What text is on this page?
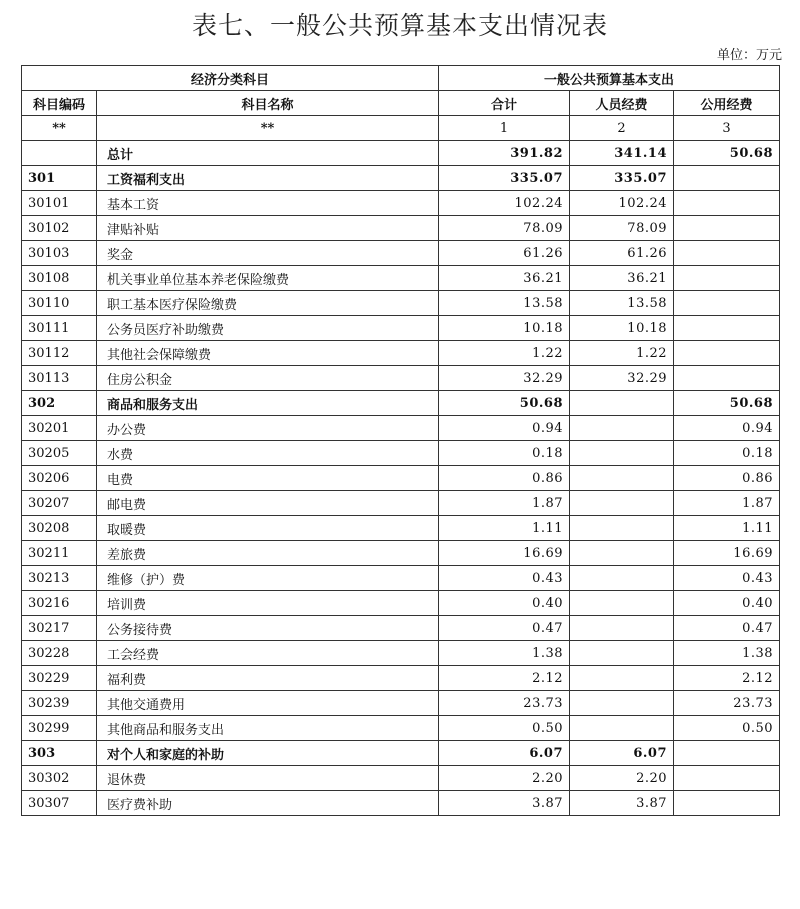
表七、一般公共预算基本支出情况表
单位：万元
经济分类科目		一般公共预算基本支出		
科目编码	科目名称	合计	人员经费	公用经费
**	**	1	2	3
	总计	391.82	341.14	50.68
301	工资福利支出	335.07	335.07	
30101	基本工资	102.24	102.24	
30102	津贴补贴	78.09	78.09	
30103	奖金	61.26	61.26	
30108	机关事业单位基本养老保险缴费	36.21	36.21	
30110	职工基本医疗保险缴费	13.58	13.58	
30111	公务员医疗补助缴费	10.18	10.18	
30112	其他社会保障缴费	1.22	1.22	
30113	住房公积金	32.29	32.29	
302	商品和服务支出	50.68		50.68
30201	办公费	0.94		0.94
30205	水费	0.18		0.18
30206	电费	0.86		0.86
30207	邮电费	1.87		1.87
30208	取暖费	1.11		1.11
30211	差旅费	16.69		16.69
30213	维修（护）费	0.43		0.43
30216	培训费	0.40		0.40
30217	公务接待费	0.47		0.47
30228	工会经费	1.38		1.38
30229	福利费	2.12		2.12
30239	其他交通费用	23.73		23.73
30299	其他商品和服务支出	0.50		0.50
303	对个人和家庭的补助	6.07	6.07	
30302	退休费	2.20	2.20	
30307	医疗费补助	3.87	3.87	
